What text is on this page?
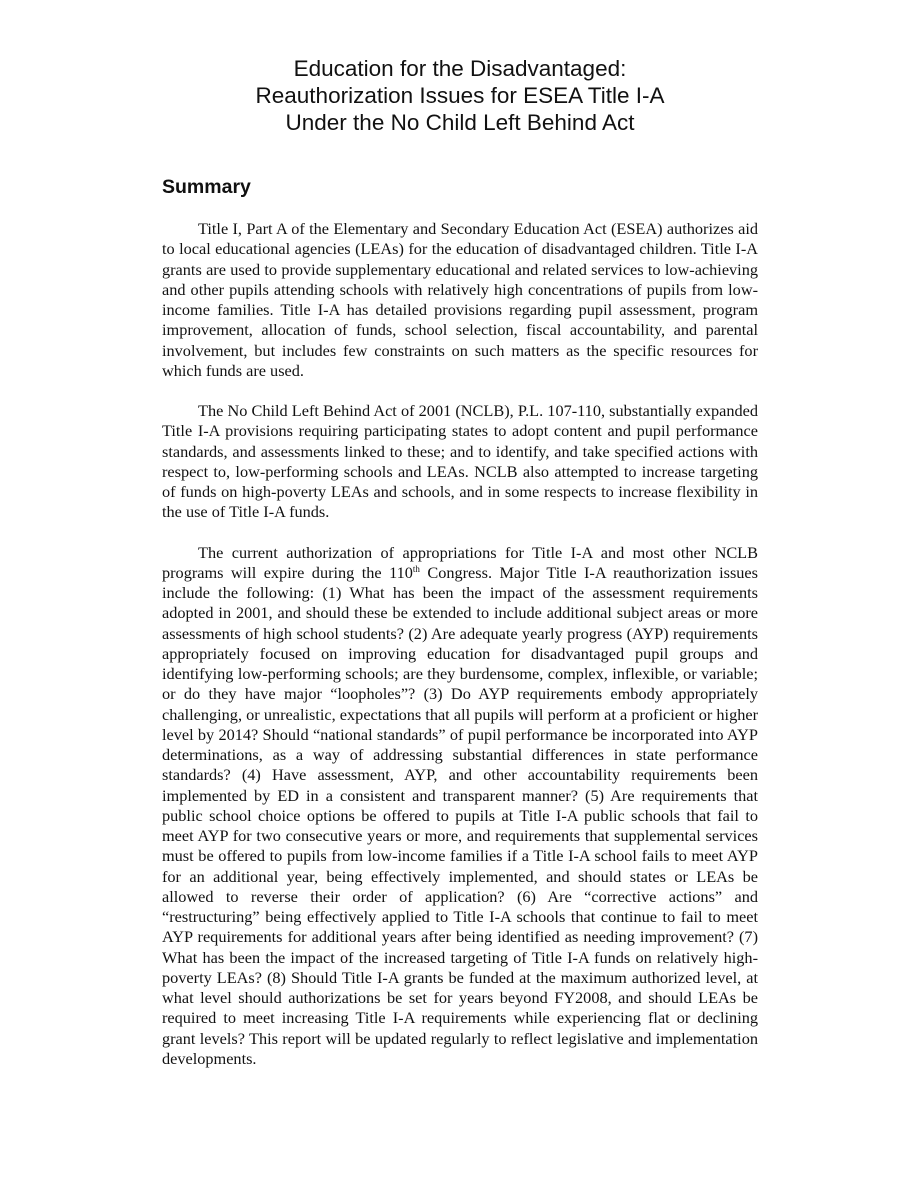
Education for the Disadvantaged:
Reauthorization Issues for ESEA Title I-A
Under the No Child Left Behind Act
Summary

Title I, Part A of the Elementary and Secondary Education Act (ESEA) authorizes aid to local educational agencies (LEAs) for the education of disadvantaged children. Title I-A grants are used to provide supplementary educational and related services to low-achieving and other pupils attending schools with relatively high concentrations of pupils from low-income families. Title I-A has detailed provisions regarding pupil assessment, program improvement, allocation of funds, school selection, fiscal accountability, and parental involvement, but includes few constraints on such matters as the specific resources for which funds are used.

The No Child Left Behind Act of 2001 (NCLB), P.L. 107-110, substantially expanded Title I-A provisions requiring participating states to adopt content and pupil performance standards, and assessments linked to these; and to identify, and take specified actions with respect to, low-performing schools and LEAs. NCLB also attempted to increase targeting of funds on high-poverty LEAs and schools, and in some respects to increase flexibility in the use of Title I-A funds.

The current authorization of appropriations for Title I-A and most other NCLB programs will expire during the 110th Congress. Major Title I-A reauthorization issues include the following: (1) What has been the impact of the assessment requirements adopted in 2001, and should these be extended to include additional subject areas or more assessments of high school students? (2) Are adequate yearly progress (AYP) requirements appropriately focused on improving education for disadvantaged pupil groups and identifying low-performing schools; are they burdensome, complex, inflexible, or variable; or do they have major “loopholes”? (3) Do AYP requirements embody appropriately challenging, or unrealistic, expectations that all pupils will perform at a proficient or higher level by 2014? Should “national standards” of pupil performance be incorporated into AYP determinations, as a way of addressing substantial differences in state performance standards? (4) Have assessment, AYP, and other accountability requirements been implemented by ED in a consistent and transparent manner? (5) Are requirements that public school choice options be offered to pupils at Title I-A public schools that fail to meet AYP for two consecutive years or more, and requirements that supplemental services must be offered to pupils from low-income families if a Title I-A school fails to meet AYP for an additional year, being effectively implemented, and should states or LEAs be allowed to reverse their order of application? (6) Are “corrective actions” and “restructuring” being effectively applied to Title I-A schools that continue to fail to meet AYP requirements for additional years after being identified as needing improvement? (7) What has been the impact of the increased targeting of Title I-A funds on relatively high-poverty LEAs? (8) Should Title I-A grants be funded at the maximum authorized level, at what level should authorizations be set for years beyond FY2008, and should LEAs be required to meet increasing Title I-A requirements while experiencing flat or declining grant levels? This report will be updated regularly to reflect legislative and implementation developments.
